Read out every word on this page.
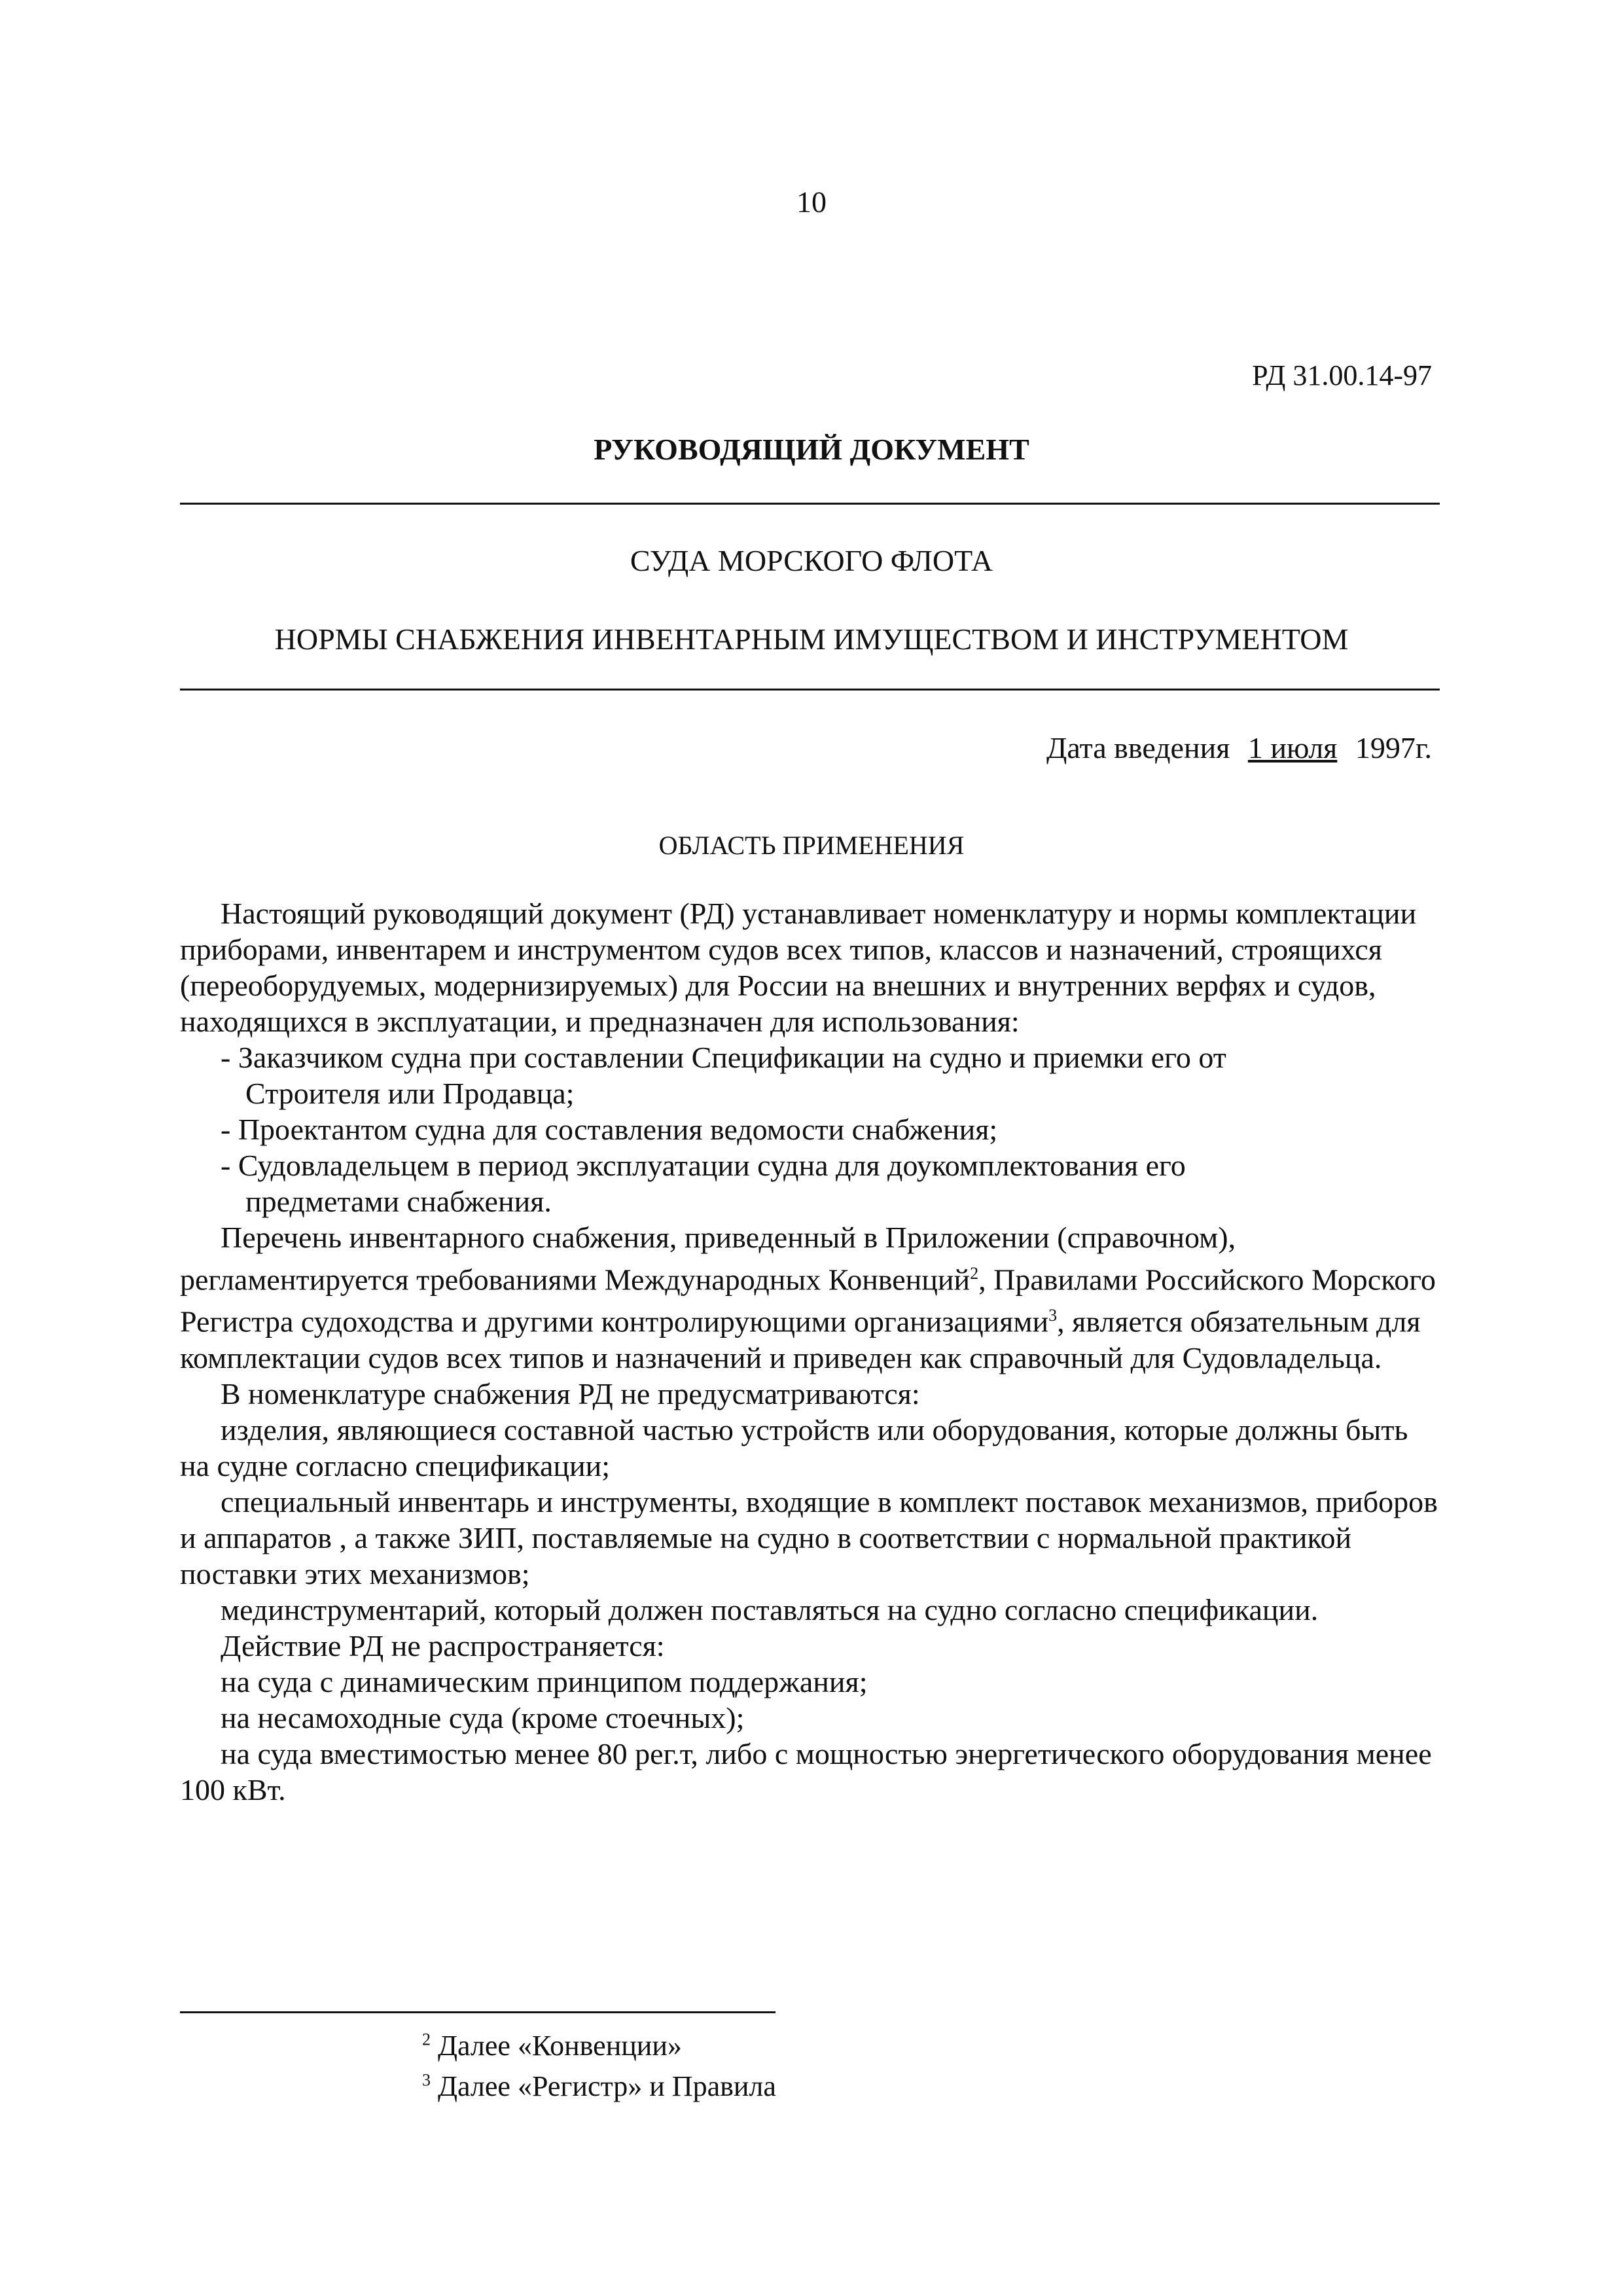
10
РД 31.00.14-97
РУКОВОДЯЩИЙ ДОКУМЕНТ
СУДА МОРСКОГО ФЛОТА
НОРМЫ СНАБЖЕНИЯ ИНВЕНТАРНЫМ ИМУЩЕСТВОМ И ИНСТРУМЕНТОМ
Дата введения 1 июля 1997г.
ОБЛАСТЬ ПРИМЕНЕНИЯ

Настоящий руководящий документ (РД) устанавливает номенклатуру и нормы комплектации приборами, инвентарем и инструментом судов всех типов, классов и назначений, строящихся (переоборудуемых, модернизируемых) для России на внешних и внутренних верфях и судов, находящихся в эксплуатации, и предназначен для использования:

- Заказчиком судна при составлении Спецификации на судно и приемки его от

Строителя или Продавца;

- Проектантом судна для составления ведомости снабжения;

- Судовладельцем в период эксплуатации судна для доукомплектования его

предметами снабжения.

Перечень инвентарного снабжения, приведенный в Приложении (справочном), регламентируется требованиями Международных Конвенций$^2$, Правилами Российского Морского Регистра судоходства и другими контролирующими организациями$^3$, является обязательным для комплектации судов всех типов и назначений и приведен как справочный для Судовладельца.

В номенклатуре снабжения РД не предусматриваются:

изделия, являющиеся составной частью устройств или оборудования, которые должны быть на судне согласно спецификации;

специальный инвентарь и инструменты, входящие в комплект поставок механизмов, приборов и аппаратов , а также ЗИП, поставляемые на судно в соответствии с нормальной практикой поставки этих механизмов;

мединструментарий, который должен поставляться на судно согласно спецификации.

Действие РД не распространяется:

на суда с динамическим принципом поддержания;

на несамоходные суда (кроме стоечных);

на суда вместимостью менее 80 рег.т, либо с мощностью энергетического оборудования менее 100 кВт.

$^2$ Далее «Конвенции»
$^3$ Далее «Регистр» и Правила
